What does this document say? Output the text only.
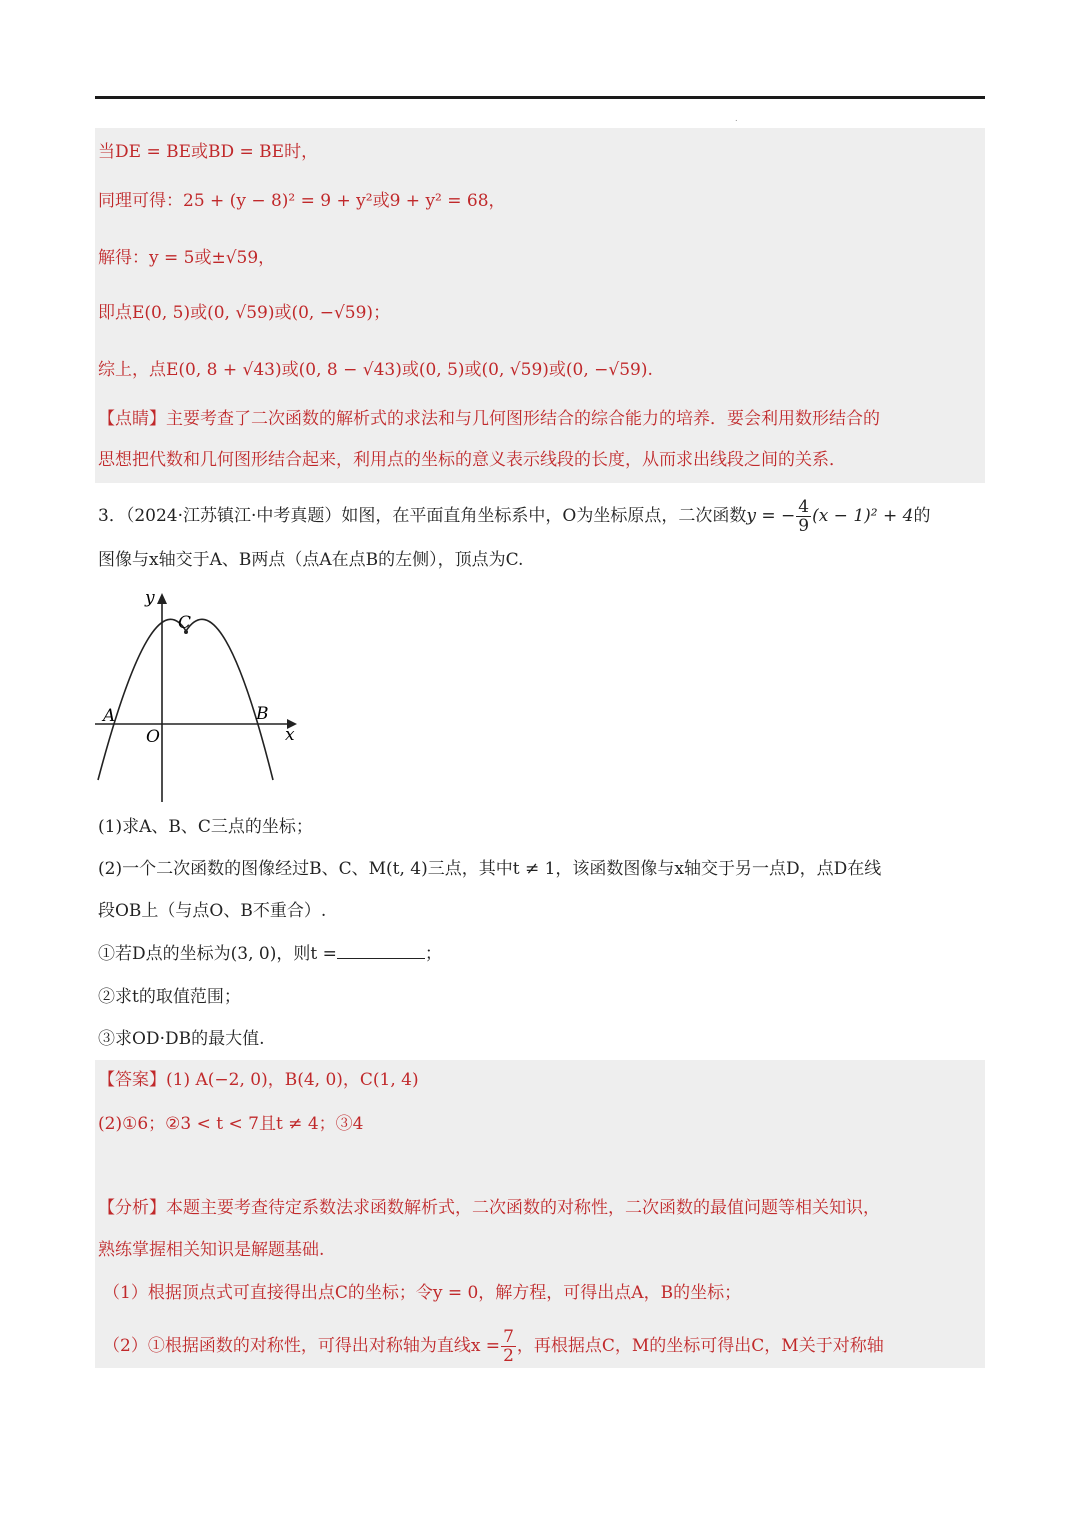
.
当DE = BE或BD = BE时，
同理可得：25 + (y − 8)² = 9 + y²或9 + y² = 68，
解得：y = 5或±√59，
即点E(0, 5)或(0, √59)或(0, −√59)；
综上，点E(0, 8 + √43)或(0, 8 − √43)或(0, 5)或(0, √59)或(0, −√59).
【点睛】主要考查了二次函数的解析式的求法和与几何图形结合的综合能力的培养．要会利用数形结合的
思想把代数和几何图形结合起来，利用点的坐标的意义表示线段的长度，从而求出线段之间的关系．
3．（2024·江苏镇江·中考真题）如图，在平面直角坐标系中，O为坐标原点，二次函数y = − $\frac{4}{9} (x - 1)^2 + 4$的
图像与x轴交于A、B两点（点A在点B的左侧），顶点为C.
y
x
O
A	B
C
(1)求A、B、C三点的坐标；
(2)一个二次函数的图像经过B、C、M(t, 4)三点，其中t ≠ 1，该函数图像与x轴交于另一点D，点D在线
段OB上（与点O、B不重合）.
①若D点的坐标为(3, 0)，则t =	；
②求t的取值范围；
③求OD·DB的最大值.
【答案】(1) A(−2, 0)，B(4, 0)，C(1, 4)
(2)①6；②3 < t < 7且t ≠ 4；③4
【分析】本题主要考查待定系数法求函数解析式，二次函数的对称性，二次函数的最值问题等相关知识，
熟练掌握相关知识是解题基础.
（1）根据顶点式可直接得出点C的坐标；令y = 0，解方程，可得出点A，B的坐标；
（2）①根据函数的对称性，可得出对称轴为直线$x = \frac{7}{2}$ ，再根据点C，M的坐标可得出C，M关于对称轴
